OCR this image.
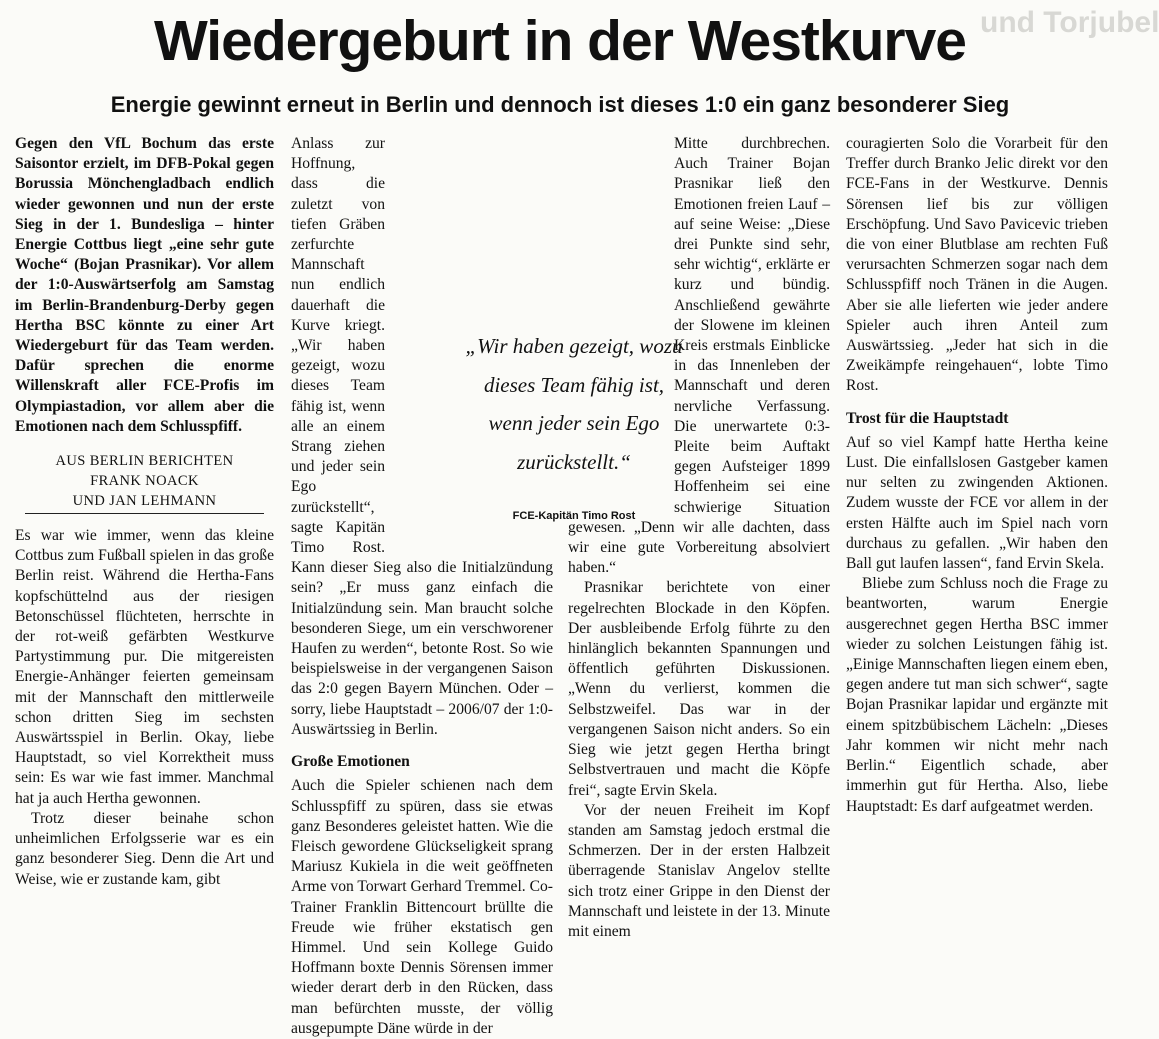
und Torjubel
Wiedergeburt in der Westkurve
Energie gewinnt erneut in Berlin und dennoch ist dieses 1:0 ein ganz besonderer Sieg

Gegen den VfL Bochum das erste Saisontor erzielt, im DFB-Pokal gegen Borussia Mönchengladbach endlich wieder gewonnen und nun der erste Sieg in der 1. Bundesliga – hinter Energie Cottbus liegt „eine sehr gute Woche“ (Bojan Prasnikar). Vor allem der 1:0-Auswärtserfolg am Samstag im Berlin-Brandenburg-Derby gegen Hertha BSC könnte zu einer Art Wiedergeburt für das Team werden. Dafür sprechen die enorme Willenskraft aller FCE-Profis im Olympiastadion, vor allem aber die Emotionen nach dem Schlusspfiff.

AUS BERLIN BERICHTEN
FRANK NOACK
UND JAN LEHMANN

Es war wie immer, wenn das kleine Cottbus zum Fußball spielen in das große Berlin reist. Während die Hertha-Fans kopfschüttelnd aus der riesigen Betonschüssel flüchteten, herrschte in der rot-weiß gefärbten Westkurve Partystimmung pur. Die mitgereisten Energie-Anhänger feierten gemeinsam mit der Mannschaft den mittlerweile schon dritten Sieg im sechsten Auswärtsspiel in Berlin. Okay, liebe Hauptstadt, so viel Korrektheit muss sein: Es war wie fast immer. Manchmal hat ja auch Hertha gewonnen.

Trotz dieser beinahe schon unheimlichen Erfolgsserie war es ein ganz besonderer Sieg. Denn die Art und Weise, wie er zustande kam, gibt

Anlass zur Hoffnung, dass die zuletzt von tiefen Gräben zerfurchte Mannschaft nun endlich dauerhaft die Kurve kriegt. „Wir haben gezeigt, wozu dieses Team fähig ist, wenn alle an einem Strang ziehen und jeder sein Ego zurückstellt“, sagte Kapitän Timo Rost. Kann dieser Sieg also die Initialzündung sein? „Er muss ganz einfach die Initialzündung sein. Man braucht solche besonderen Siege, um ein verschworener Haufen zu werden“, betonte Rost. So wie beispielsweise in der vergangenen Saison das 2:0 gegen Bayern München. Oder – sorry, liebe Hauptstadt – 2006/07 der 1:0-Auswärtssieg in Berlin.

Große Emotionen

Auch die Spieler schienen nach dem Schlusspfiff zu spüren, dass sie etwas ganz Besonderes geleistet hatten. Wie die Fleisch gewordene Glückseligkeit sprang Mariusz Kukiela in die weit geöffneten Arme von Torwart Gerhard Tremmel. Co-Trainer Franklin Bittencourt brüllte die Freude wie früher ekstatisch gen Himmel. Und sein Kollege Guido Hoffmann boxte Dennis Sörensen immer wieder derart derb in den Rücken, dass man befürchten musste, der völlig ausgepumpte Däne würde in der

Mitte durchbrechen. Auch Trainer Bojan Prasnikar ließ den Emotionen freien Lauf – auf seine Weise: „Diese drei Punkte sind sehr, sehr wichtig“, erklärte er kurz und bündig. Anschließend gewährte der Slowene im kleinen Kreis erstmals Einblicke in das Innenleben der Mannschaft und deren nervliche Verfassung. Die unerwartete 0:3-Pleite beim Auftakt gegen Aufsteiger 1899 Hoffenheim sei eine schwierige Situation gewesen. „Denn wir alle dachten, dass wir eine gute Vorbereitung absolviert haben.“

Prasnikar berichtete von einer regelrechten Blockade in den Köpfen. Der ausbleibende Erfolg führte zu den hinlänglich bekannten Spannungen und öffentlich geführten Diskussionen. „Wenn du verlierst, kommen die Selbstzweifel. Das war in der vergangenen Saison nicht anders. So ein Sieg wie jetzt gegen Hertha bringt Selbstvertrauen und macht die Köpfe frei“, sagte Ervin Skela.

Vor der neuen Freiheit im Kopf standen am Samstag jedoch erstmal die Schmerzen. Der in der ersten Halbzeit überragende Stanislav Angelov stellte sich trotz einer Grippe in den Dienst der Mannschaft und leistete in der 13. Minute mit einem

couragierten Solo die Vorarbeit für den Treffer durch Branko Jelic direkt vor den FCE-Fans in der Westkurve. Dennis Sörensen lief bis zur völligen Erschöpfung. Und Savo Pavicevic trieben die von einer Blutblase am rechten Fuß verursachten Schmerzen sogar nach dem Schlusspfiff noch Tränen in die Augen. Aber sie alle lieferten wie jeder andere Spieler auch ihren Anteil zum Auswärtssieg. „Jeder hat sich in die Zweikämpfe reingehauen“, lobte Timo Rost.

Trost für die Hauptstadt

Auf so viel Kampf hatte Hertha keine Lust. Die einfallslosen Gastgeber kamen nur selten zu zwingenden Aktionen. Zudem wusste der FCE vor allem in der ersten Hälfte auch im Spiel nach vorn durchaus zu gefallen. „Wir haben den Ball gut laufen lassen“, fand Ervin Skela.

Bliebe zum Schluss noch die Frage zu beantworten, warum Energie ausgerechnet gegen Hertha BSC immer wieder zu solchen Leistungen fähig ist. „Einige Mannschaften liegen einem eben, gegen andere tut man sich schwer“, sagte Bojan Prasnikar lapidar und ergänzte mit einem spitzbübischem Lächeln: „Dieses Jahr kommen wir nicht mehr nach Berlin.“ Eigentlich schade, aber immerhin gut für Hertha. Also, liebe Hauptstadt: Es darf aufgeatmet werden.

„Wir haben gezeigt, wozu dieses Team fähig ist, wenn jeder sein Ego zurückstellt.“
FCE-Kapitän Timo Rost
